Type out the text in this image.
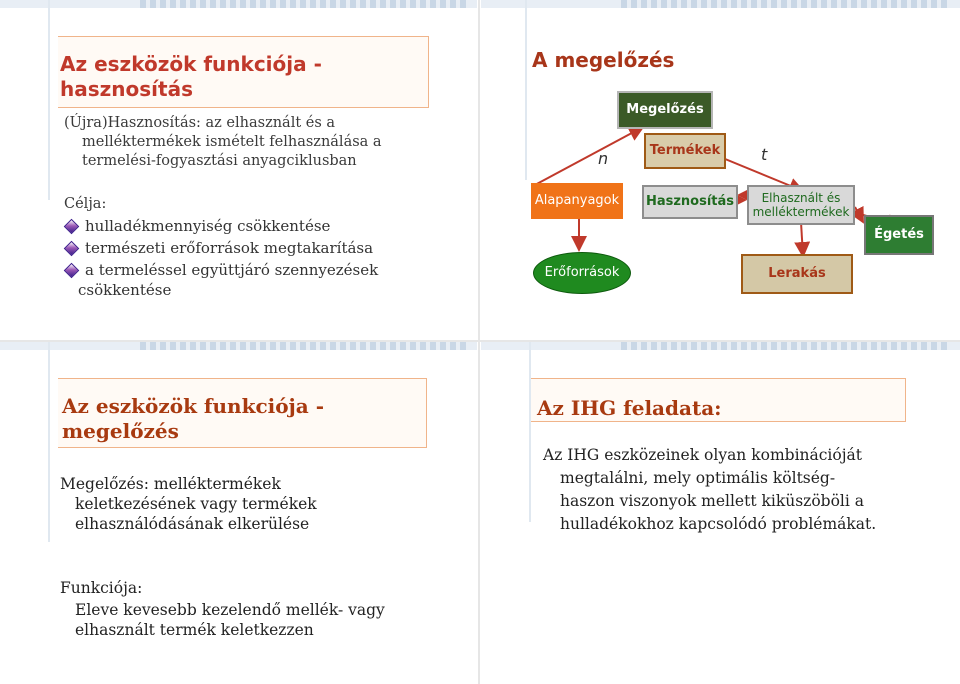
Az eszközök funkciója -
hasznosítás
(Újra)Hasznosítás: az elhasznált és a
melléktermékek ismételt felhasználása a
termelési-fogyasztási anyagciklusban
Célja:
hulladékmennyiség csökkentése
természeti erőforrások megtakarítása
a termeléssel együttjáró szennyezések
csökkentése
A megelőzés
Megelőzés
Termékek
n	t
Alapanyagok	Hasznosítás	Elhasznált és melléktermékek
Égetés
Erőforrások	Lerakás
Az eszközök funkciója -
megelőzés
Megelőzés: melléktermékek
keletkezésének vagy termékek
elhasználódásának elkerülése
Funkciója:
Eleve kevesebb kezelendő mellék- vagy
elhasznált termék keletkezzen
Az IHG feladata:
Az IHG eszközeinek olyan kombinációját
megtalálni, mely optimális költség-
haszon viszonyok mellett kiküszöböli a
hulladékokhoz kapcsolódó problémákat.
